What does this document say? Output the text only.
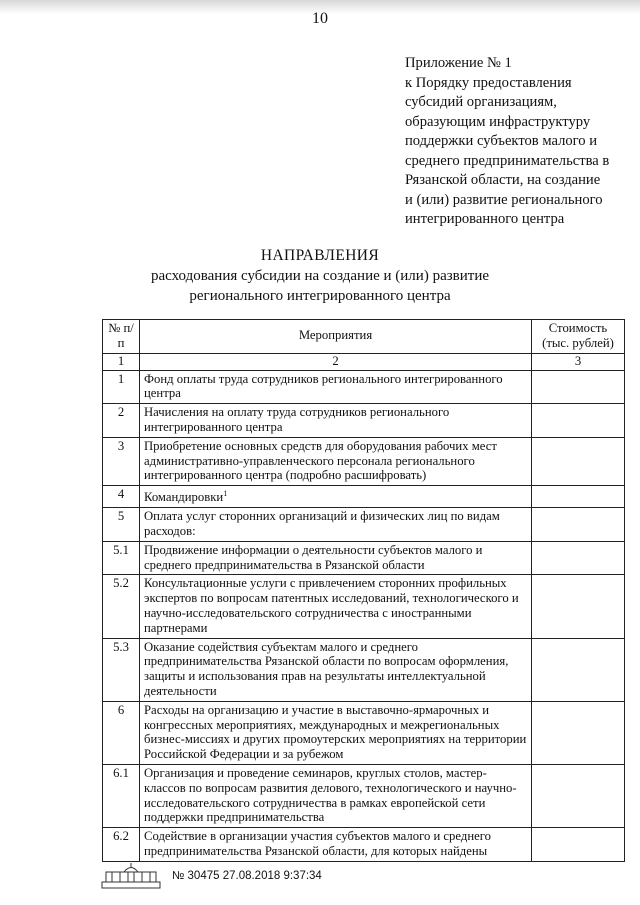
10
Приложение № 1
к Порядку предоставления
субсидий организациям,
образующим инфраструктуру
поддержки субъектов малого и
среднего предпринимательства в
Рязанской области, на создание
и (или) развитие регионального
интегрированного центра
НАПРАВЛЕНИЯ
расходования субсидии на создание и (или) развитие
регионального интегрированного центра
№ п/п	Мероприятия	Стоимость (тыс. рублей)
1	2	3
1	Фонд оплаты труда сотрудников регионального интегрированного центра	
2	Начисления на оплату труда сотрудников регионального интегрированного центра	
3	Приобретение основных средств для оборудования рабочих мест административно-управленческого персонала регионального интегрированного центра (подробно расшифровать)	
4	Командировки$^1$	
5	Оплата услуг сторонних организаций и физических лиц по видам расходов:	
5.1	Продвижение информации о деятельности субъектов малого и среднего предпринимательства в Рязанской области	
5.2	Консультационные услуги с привлечением сторонних профильных экспертов по вопросам патентных исследований, технологического и научно-исследовательского сотрудничества с иностранными партнерами	
5.3	Оказание содействия субъектам малого и среднего предпринимательства Рязанской области по вопросам оформления, защиты и использования прав на результаты интеллектуальной деятельности	
6	Расходы на организацию и участие в выставочно-ярмарочных и конгрессных мероприятиях, международных и межрегиональных бизнес-миссиях и других промоутерских мероприятиях на территории Российской Федерации и за рубежом	
6.1	Организация и проведение семинаров, круглых столов, мастер-классов по вопросам развития делового, технологического и научно-исследовательского сотрудничества в рамках европейской сети поддержки предпринимательства	
6.2	Содействие в организации участия субъектов малого и среднего предпринимательства Рязанской области, для которых найдены	
№ 30475 27.08.2018 9:37:34
